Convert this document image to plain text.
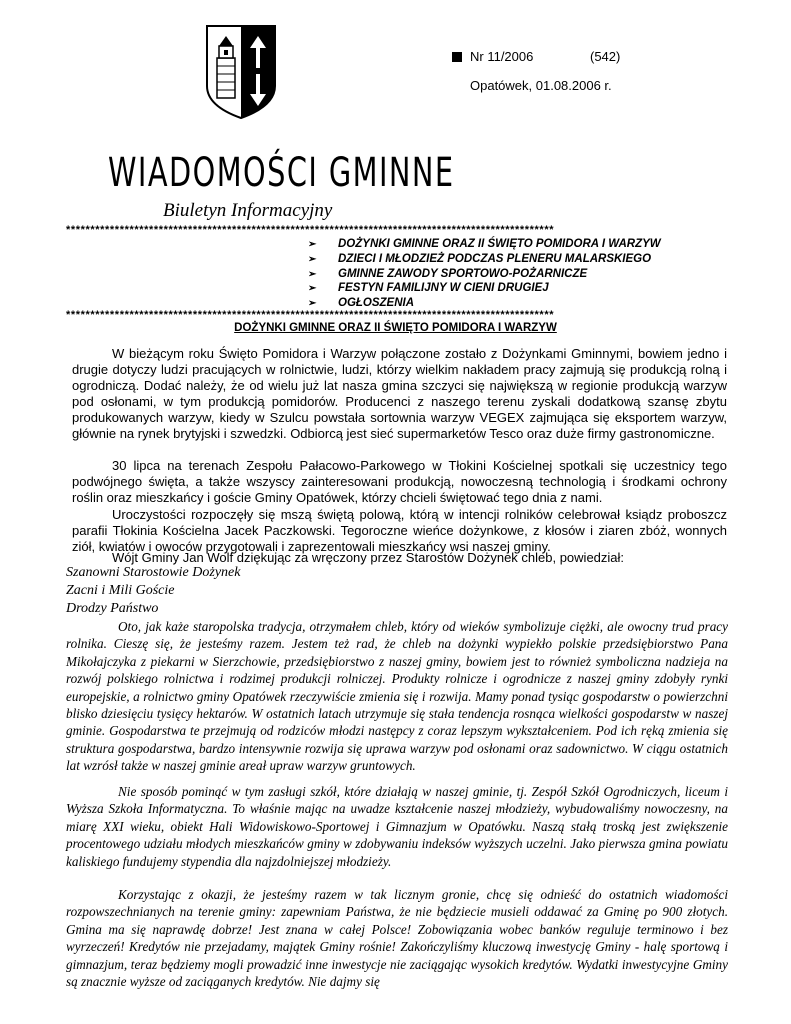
Nr 11/2006	(542)
Opatówek, 01.08.2006 r.
WIADOMOŚCI GMINNE
Biuletyn Informacyjny
****************************************************************************************************
➢ DOŻYNKI GMINNE ORAZ II ŚWIĘTO POMIDORA I WARZYW
➢ DZIECI I MŁODZIEŻ PODCZAS PLENERU MALARSKIEGO
➢ GMINNE ZAWODY SPORTOWO-POŻARNICZE
➢ FESTYN FAMILIJNY W CIENI DRUGIEJ
➢ OGŁOSZENIA
****************************************************************************************************
DOŻYNKI GMINNE ORAZ II ŚWIĘTO POMIDORA I WARZYW

W bieżącym roku Święto Pomidora i Warzyw połączone zostało z Dożynkami Gminnymi, bowiem jedno i drugie dotyczy ludzi pracujących w rolnictwie, ludzi, którzy wielkim nakładem pracy zajmują się produkcją rolną i ogrodniczą. Dodać należy, że od wielu już lat nasza gmina szczyci się największą w regionie produkcją warzyw pod osłonami, w tym produkcją pomidorów. Producenci z naszego terenu zyskali dodatkową szansę zbytu produkowanych warzyw, kiedy w Szulcu powstała sortownia warzyw VEGEX zajmująca się eksportem warzyw, głównie na rynek brytyjski i szwedzki. Odbiorcą jest sieć supermarketów Tesco oraz duże firmy gastronomiczne.

30 lipca na terenach Zespołu Pałacowo-Parkowego w Tłokini Kościelnej spotkali się uczestnicy tego podwójnego święta, a także wszyscy zainteresowani produkcją, nowoczesną technologią i środkami ochrony roślin oraz mieszkańcy i goście Gminy Opatówek, którzy chcieli świętować tego dnia z nami.

Uroczystości rozpoczęły się mszą świętą polową, którą w intencji rolników celebrował ksiądz proboszcz parafii Tłokinia Kościelna Jacek Paczkowski. Tegoroczne wieńce dożynkowe, z kłosów i ziaren zbóż, wonnych ziół, kwiatów i owoców przygotowali i zaprezentowali mieszkańcy wsi naszej gminy.

Wójt Gminy Jan Wolf dziękując za wręczony przez Starostów Dożynek chleb, powiedział:

Szanowni Starostowie Dożynek
Zacni i Mili Goście
Drodzy Państwo

Oto, jak każe staropolska tradycja, otrzymałem chleb, który od wieków symbolizuje ciężki, ale owocny trud pracy rolnika. Cieszę się, że jesteśmy razem. Jestem też rad, że chleb na dożynki wypiekło polskie przedsiębiorstwo Pana Mikołajczyka z piekarni w Sierzchowie, przedsiębiorstwo z naszej gminy, bowiem jest to również symboliczna nadzieja na rozwój polskiego rolnictwa i rodzimej produkcji rolniczej. Produkty rolnicze i ogrodnicze z naszej gminy zdobyły rynki europejskie, a rolnictwo gminy Opatówek rzeczywiście zmienia się i rozwija. Mamy ponad tysiąc gospodarstw o powierzchni blisko dziesięciu tysięcy hektarów. W ostatnich latach utrzymuje się stała tendencja rosnąca wielkości gospodarstw w naszej gminie. Gospodarstwa te przejmują od rodziców młodzi następcy z coraz lepszym wykształceniem. Pod ich ręką zmienia się struktura gospodarstwa, bardzo intensywnie rozwija się uprawa warzyw pod osłonami oraz sadownictwo. W ciągu ostatnich lat wzrósł także w naszej gminie areał upraw warzyw gruntowych.

Nie sposób pominąć w tym zasługi szkół, które działają w naszej gminie, tj. Zespół Szkół Ogrodniczych, liceum i Wyższa Szkoła Informatyczna. To właśnie mając na uwadze kształcenie naszej młodzieży, wybudowaliśmy nowoczesny, na miarę XXI wieku, obiekt Hali Widowiskowo-Sportowej i Gimnazjum w Opatówku. Naszą stałą troską jest zwiększenie procentowego udziału młodych mieszkańców gminy w zdobywaniu indeksów wyższych uczelni. Jako pierwsza gmina powiatu kaliskiego fundujemy stypendia dla najzdolniejszej młodzieży.

Korzystając z okazji, że jesteśmy razem w tak licznym gronie, chcę się odnieść do ostatnich wiadomości rozpowszechnianych na terenie gminy: zapewniam Państwa, że nie będziecie musieli oddawać za Gminę po 900 złotych. Gmina ma się naprawdę dobrze! Jest znana w całej Polsce! Zobowiązania wobec banków reguluje terminowo i bez wyrzeczeń! Kredytów nie przejadamy, majątek Gminy rośnie! Zakończyliśmy kluczową inwestycję Gminy - halę sportową i gimnazjum, teraz będziemy mogli prowadzić inne inwestycje nie zaciągając wysokich kredytów. Wydatki inwestycyjne Gminy są znacznie wyższe od zaciąganych kredytów. Nie dajmy się
